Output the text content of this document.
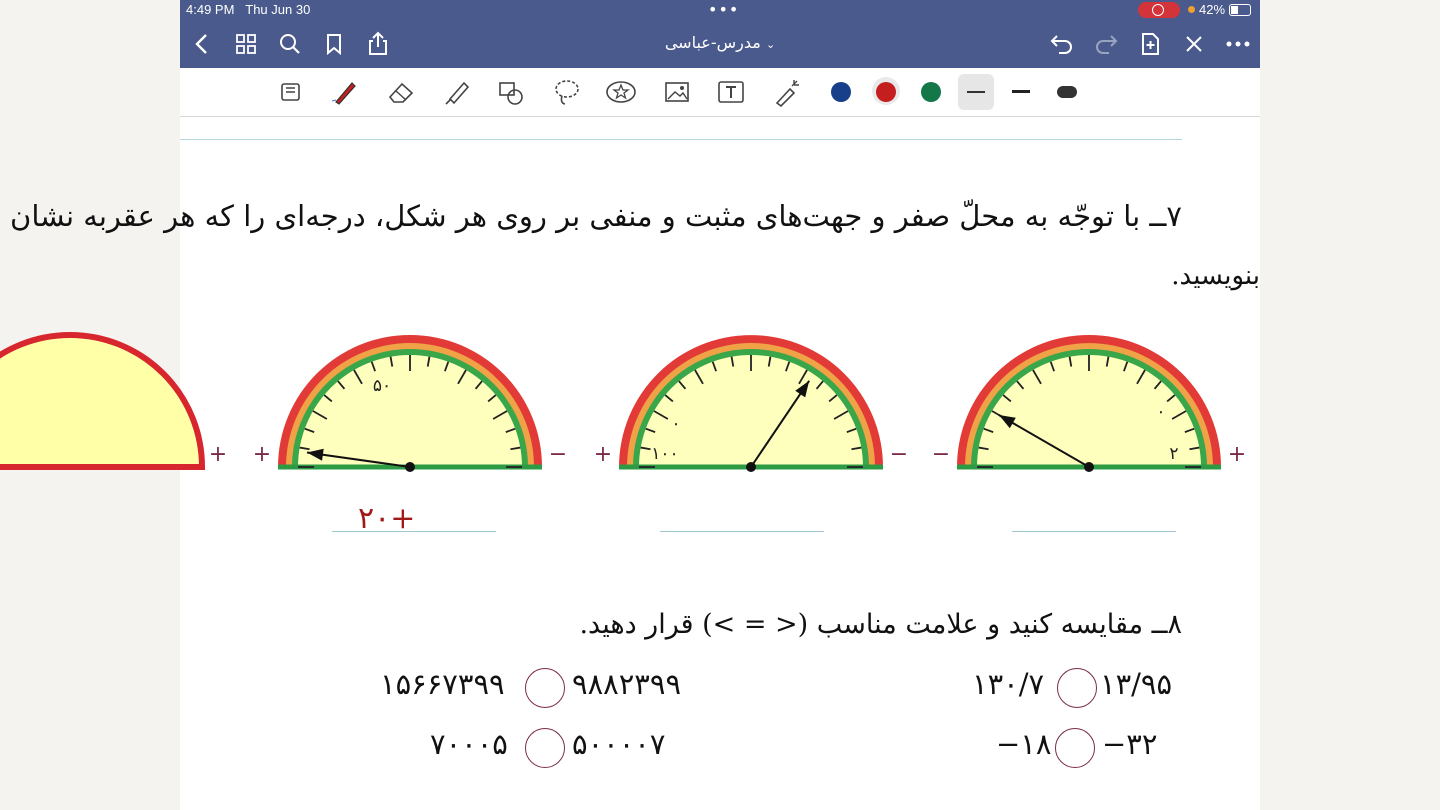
4:49 PM Thu Jun 30	•••	42%
مدرس-عباسی ⌄
۷ــ با توجّه به محلّ صفر و جهت‌های مثبت و منفی بر روی هر شکل، درجه‌ای را که هر عقربه نشان
بنویسید.
+
−
۰
۲
+	−
۰
۱۰۰
+	−
۵۰
+
+۲۰
۸ــ مقایسه کنید و علامت مناسب (< = >) قرار دهید.
۱۵۶۶۷۳۹۹ ۹۸۸۲۳۹۹	۱۳۰/۷ ۱۳/۹۵
۷۰۰۰۵ ۵۰۰۰۰۷	−۱۸ −۳۲
